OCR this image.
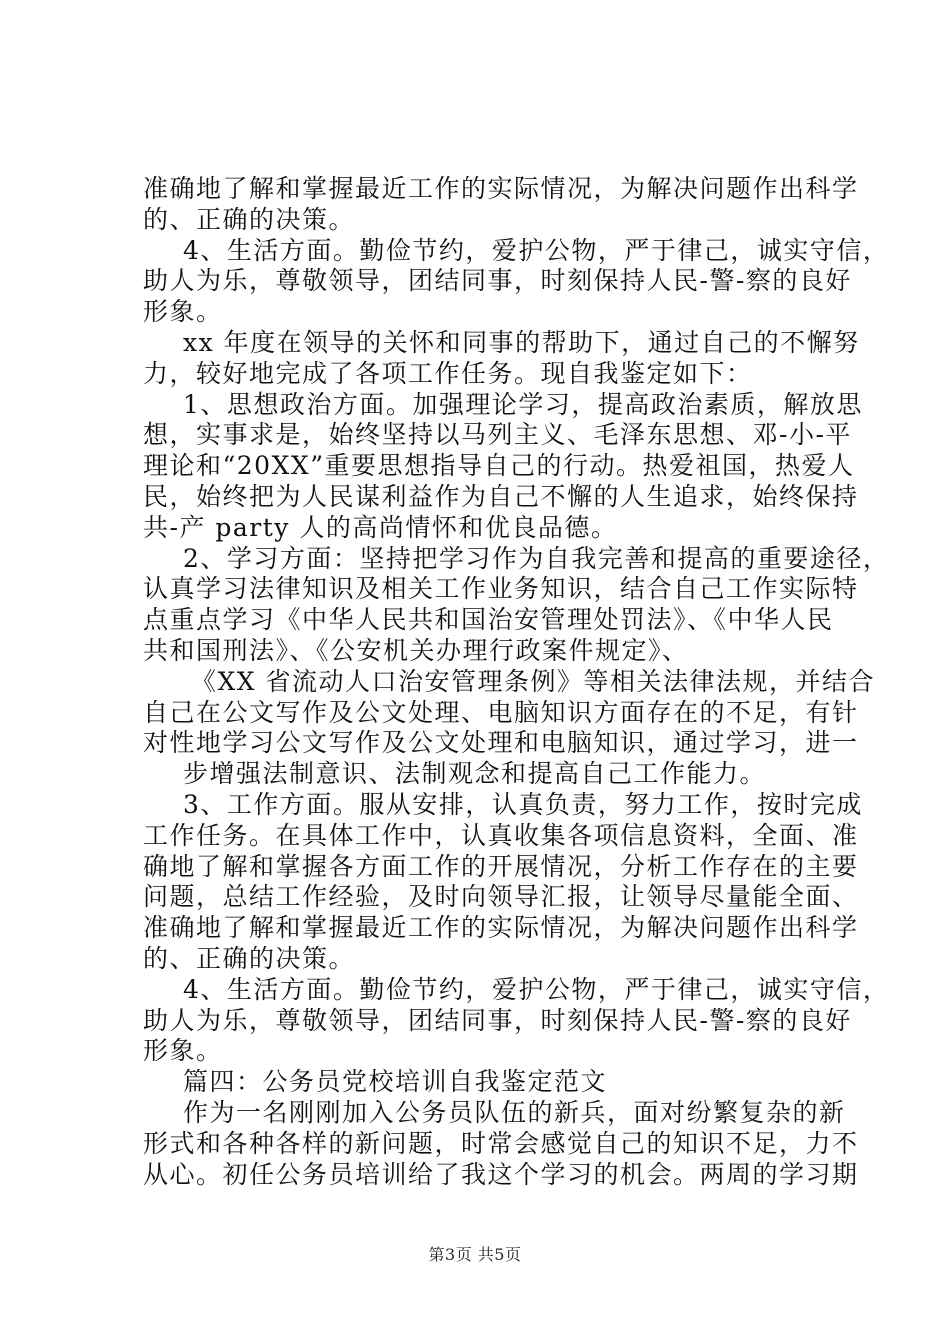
准确地了解和掌握最近工作的实际情况，为解决问题作出科学
的、正确的决策。
4、生活方面。勤俭节约，爱护公物，严于律己，诚实守信，
助人为乐，尊敬领导，团结同事，时刻保持人民-警-察的良好
形象。
xx 年度在领导的关怀和同事的帮助下，通过自己的不懈努
力，较好地完成了各项工作任务。现自我鉴定如下：
1、思想政治方面。加强理论学习，提高政治素质，解放思
想，实事求是，始终坚持以马列主义、毛泽东思想、邓-小-平
理论和“20XX”重要思想指导自己的行动。热爱祖国，热爱人
民，始终把为人民谋利益作为自己不懈的人生追求，始终保持
共-产 party 人的高尚情怀和优良品德。
2、学习方面：坚持把学习作为自我完善和提高的重要途径，
认真学习法律知识及相关工作业务知识，结合自己工作实际特
点重点学习《中华人民共和国治安管理处罚法》、《中华人民
共和国刑法》、《公安机关办理行政案件规定》、
《XX 省流动人口治安管理条例》等相关法律法规，并结合
自己在公文写作及公文处理、电脑知识方面存在的不足，有针
对性地学习公文写作及公文处理和电脑知识，通过学习，进一
步增强法制意识、法制观念和提高自己工作能力。
3、工作方面。服从安排，认真负责，努力工作，按时完成
工作任务。在具体工作中，认真收集各项信息资料，全面、准
确地了解和掌握各方面工作的开展情况，分析工作存在的主要
问题，总结工作经验，及时向领导汇报，让领导尽量能全面、
准确地了解和掌握最近工作的实际情况，为解决问题作出科学
的、正确的决策。
4、生活方面。勤俭节约，爱护公物，严于律己，诚实守信，
助人为乐，尊敬领导，团结同事，时刻保持人民-警-察的良好
形象。
篇四：公务员党校培训自我鉴定范文
作为一名刚刚加入公务员队伍的新兵，面对纷繁复杂的新
形式和各种各样的新问题，时常会感觉自己的知识不足，力不
从心。初任公务员培训给了我这个学习的机会。两周的学习期
第3页 共5页
